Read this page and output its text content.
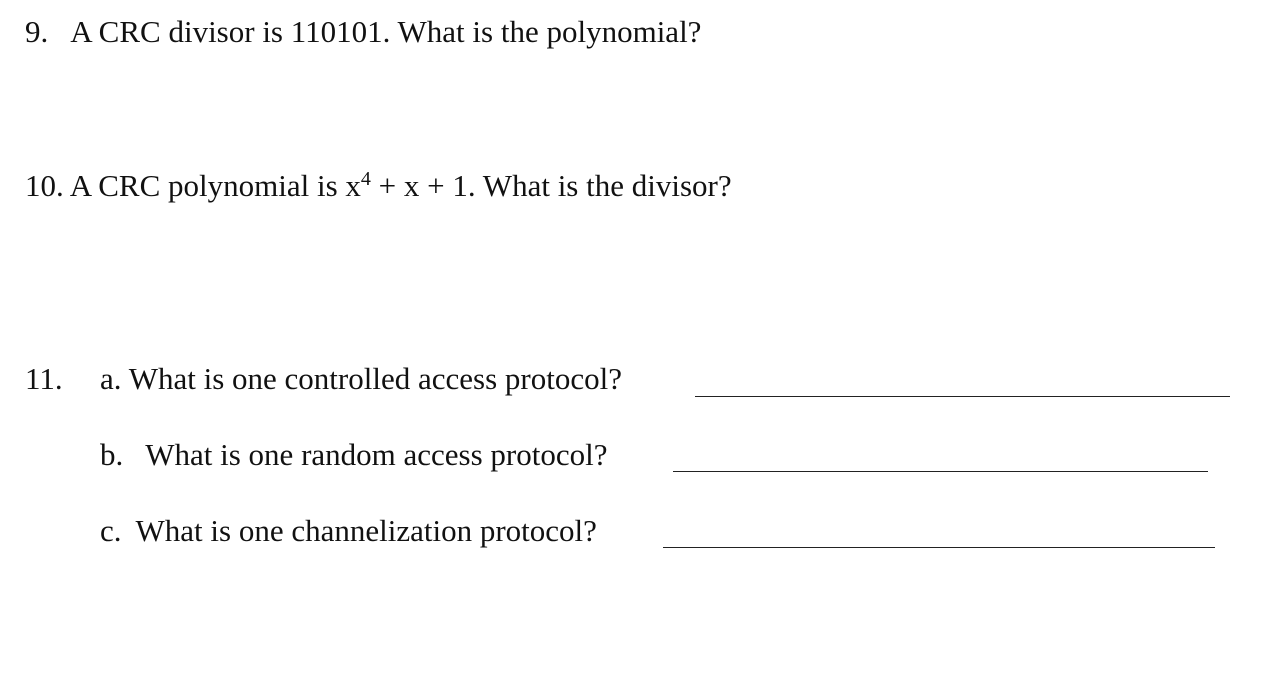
9. A CRC divisor is 110101. What is the polynomial?
10. A CRC polynomial is $x^4 + x + 1$. What is the divisor?
11. a. What is one controlled access protocol?
b. What is one random access protocol?
c. What is one channelization protocol?
